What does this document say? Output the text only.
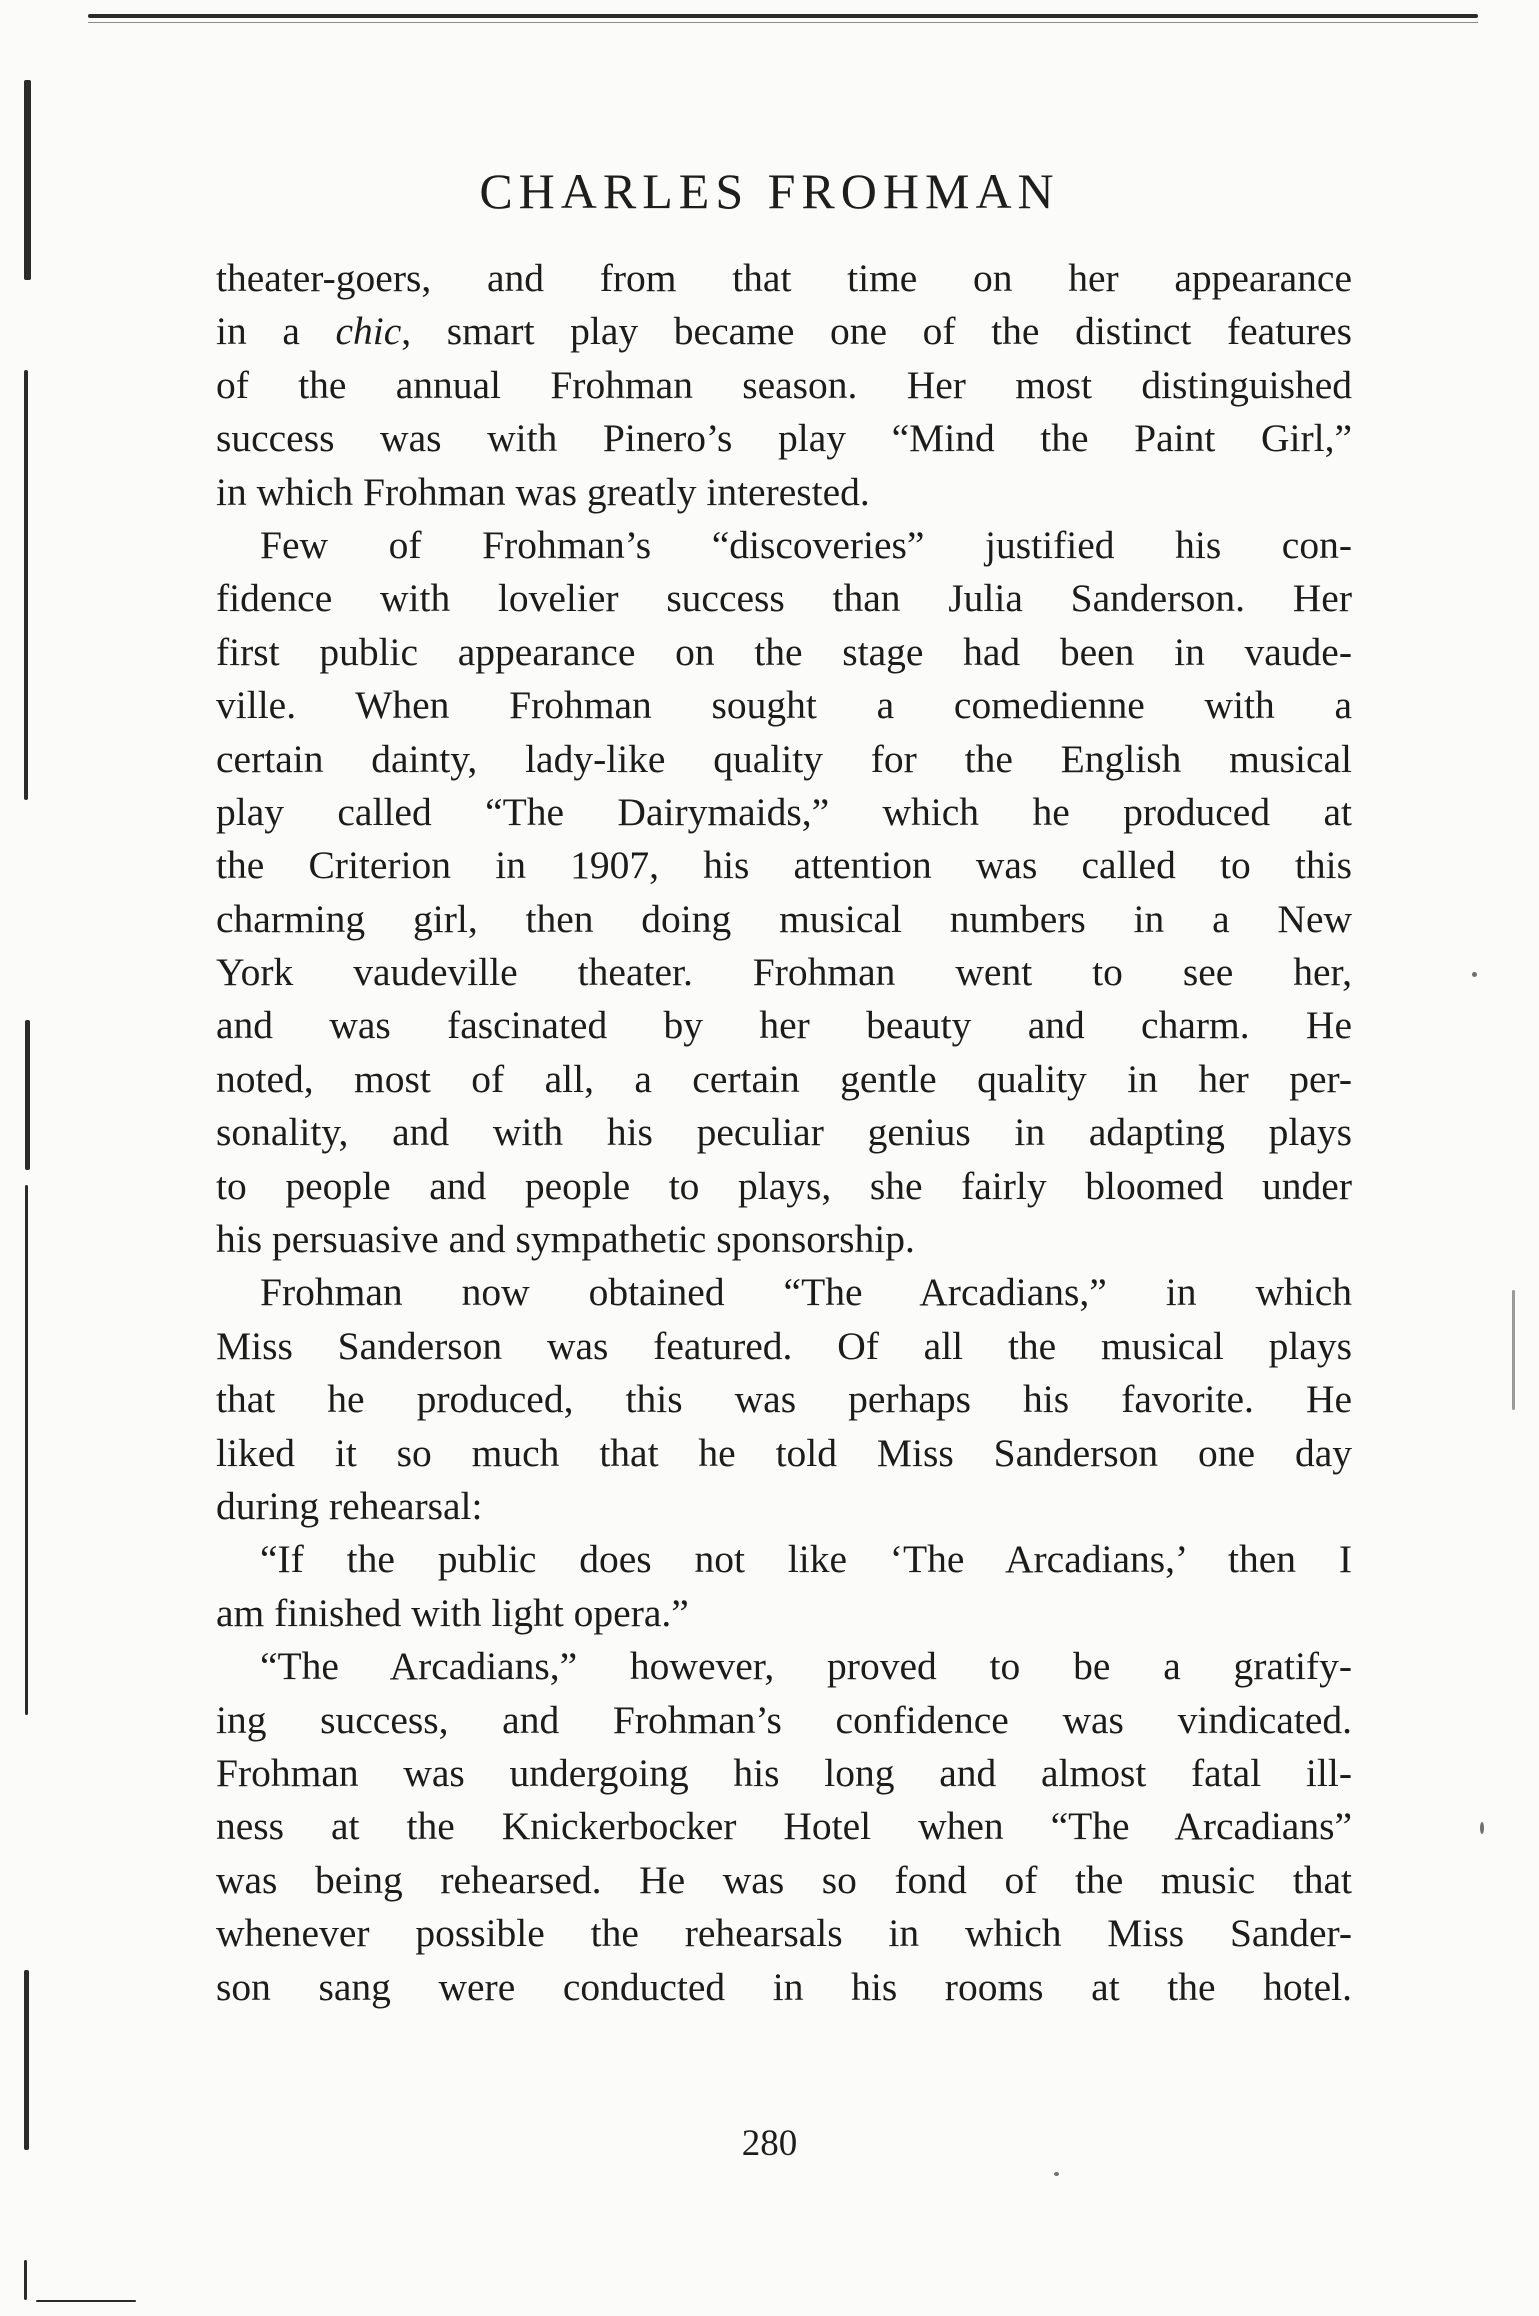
CHARLES FROHMAN
theater-goers, and from that time on her appearance
in a chic, smart play became one of the distinct features
of the annual Frohman season. Her most distinguished
success was with Pinero’s play “Mind the Paint Girl,”
in which Frohman was greatly interested.
Few of Frohman’s “discoveries” justified his con-
fidence with lovelier success than Julia Sanderson. Her
first public appearance on the stage had been in vaude-
ville. When Frohman sought a comedienne with a
certain dainty, lady-like quality for the English musical
play called “The Dairymaids,” which he produced at
the Criterion in 1907, his attention was called to this
charming girl, then doing musical numbers in a New
York vaudeville theater. Frohman went to see her,
and was fascinated by her beauty and charm. He
noted, most of all, a certain gentle quality in her per-
sonality, and with his peculiar genius in adapting plays
to people and people to plays, she fairly bloomed under
his persuasive and sympathetic sponsorship.
Frohman now obtained “The Arcadians,” in which
Miss Sanderson was featured. Of all the musical plays
that he produced, this was perhaps his favorite. He
liked it so much that he told Miss Sanderson one day
during rehearsal:
“If the public does not like ‘The Arcadians,’ then I
am finished with light opera.”
“The Arcadians,” however, proved to be a gratify-
ing success, and Frohman’s confidence was vindicated.
Frohman was undergoing his long and almost fatal ill-
ness at the Knickerbocker Hotel when “The Arcadians”
was being rehearsed. He was so fond of the music that
whenever possible the rehearsals in which Miss Sander-
son sang were conducted in his rooms at the hotel.
280
